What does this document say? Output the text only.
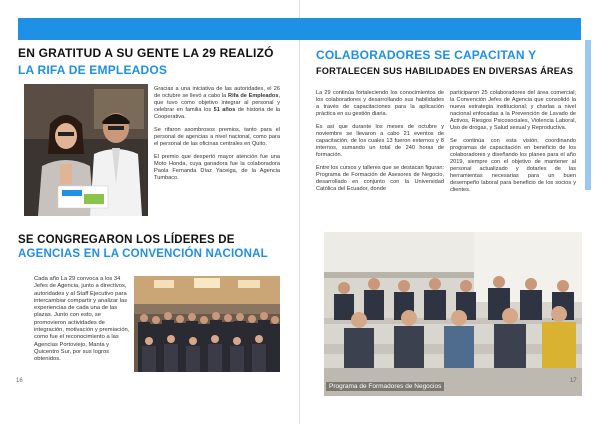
EN GRATITUD A SU GENTE LA 29 REALIZÓ
LA RIFA DE EMPLEADOS

Gracias a una iniciativa de las autoridades, el 26 de octubre se llevó a cabo la Rifa de Empleados, que tuvo como objetivo integrar al personal y celebrar en familia los 51 años de historia de la Cooperativa.

Se rifaron asombrosos premios, tanto para el personal de agencias a nivel nacional, como para el personal de las oficinas centrales en Quito.

El premio que despertó mayor atención fue una Moto Honda, cuya ganadora fue la colaboradora Paola Fernanda Díaz Yaceiga, de la Agencia Tumbaco.

SE CONGREGARON LOS LÍDERES DE
AGENCIAS EN LA CONVENCIÓN NACIONAL
Cada año La 29 convoca a los 34 Jefes de Agencia, junto a directivos, autoridades y al Staff Ejecutivo para intercambiar compartir y analizar las experiencias de cada una de las plazas. Junto con esto, se promovieron actividades de integración, motivación y premiación, como fue el reconocimiento a las Agencias Portoviejo, Manta y Quicentro Sur, por sus logros obtenidos.
16
COLABORADORES SE CAPACITAN Y
FORTALECEN SUS HABILIDADES EN DIVERSAS ÁREAS

La 29 continúa fortaleciendo los conocimientos de los colaboradores y desarrollando sus habilidades a través de capacitaciones para la aplicación práctica en su gestión diaria.

Es así que durante los meses de octubre y noviembre se llevaron a cabo 21 eventos de capacitación, de los cuales 13 fueron externos y 8 internos, sumando un total de 240 horas de formación.

Entre los cursos y talleres que se destacan figuran: Programa de Formación de Asesores de Negocio, desarrollado en conjunto con la Universidad Católica del Ecuador, donde

participaron 25 colaboradores del área comercial; la Convención Jefes de Agencia que consolidó la nueva estrategia institucional; y charlas a nivel nacional enfocadas a la Prevención de Lavado de Activos, Riesgos Psicosociales, Violencia Laboral, Uso de drogas, y Salud sexual y Reproductiva.

Se continúa con esta visión, coordinando programas de capacitación en beneficio de los colaboradores y diseñando los planes para el año 2019, siempre con el objetivo de mantener al personal actualizado y dotarles de las herramientas necesarias para un buen desempeño laboral para beneficio de los socios y clientes.

Programa de Formadores de Negocios
17
